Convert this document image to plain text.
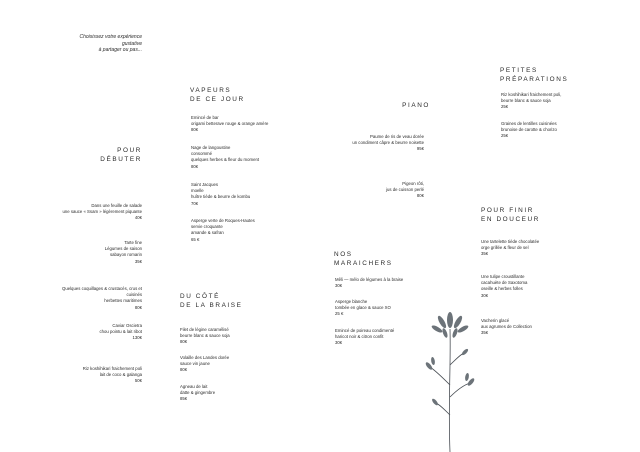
Choisissez votre expérience
gustative
à partager ou pas...
POUR
DÉBUTER
Dans une feuille de salade
une sauce « Ssam » légèrement piquante
40€
Tarte fine
Légumes de saison
sabayon romarin
35€
Quelques coquillages & crustacés, crus et
cuisinés
herbettes maritimes
80€
Caviar Oscietra
chou pointu & lait ribot
130€
Riz koshihikari fraichement poli
lait de coco & galanga
50€
VAPEURS
DE CE JOUR
Emincé de bar
origami betterave rouge & orange amère
80€
Nage de langoustine
consommé
quelques herbes & fleur du moment
80€
Saint Jacques
moelle
huître tiède & beurre de kombu
70€
Asperge verte de Roques-Hautes
servie croquante
amande & safran
65 €
DU CÔTÉ
DE LA BRAISE
Filet de lègine caramélisé
beurre blanc & sauce soja
80€
Volaille des Landes dorée
sauce vin jaune
80€
Agneau de lait
datte & gingembre
85€
PIANO
Paume de ris de veau dorée
un condiment câpre & beurre noisette
95€
Pigeon rôti,
jus de cuisson perlé
80€
NOS
MARAICHERS
Mêli — mélo de légumes à la braise
30€
Asperge blanche
tombée en glace & sauce XO
25 €
Emincé de poireau condimenté
haricot noir & citron confit
30€
PETITES
PRÉPARATIONS
Riz koshihikari fraichement poli,
beurre blanc & sauce soja
25€
Graines de lentilles cuisinées
brunoise de carotte & chorizo
25€
POUR FINIR
EN DOUCEUR
Une tartelette tiède chocolatée
orge grillée & fleur de sel
35€
Une tulipe croustillante
cacahuète de Saxotoma
oseille & herbes folles
30€
Vacherin glacé
aux agrumes de Collection
35€
